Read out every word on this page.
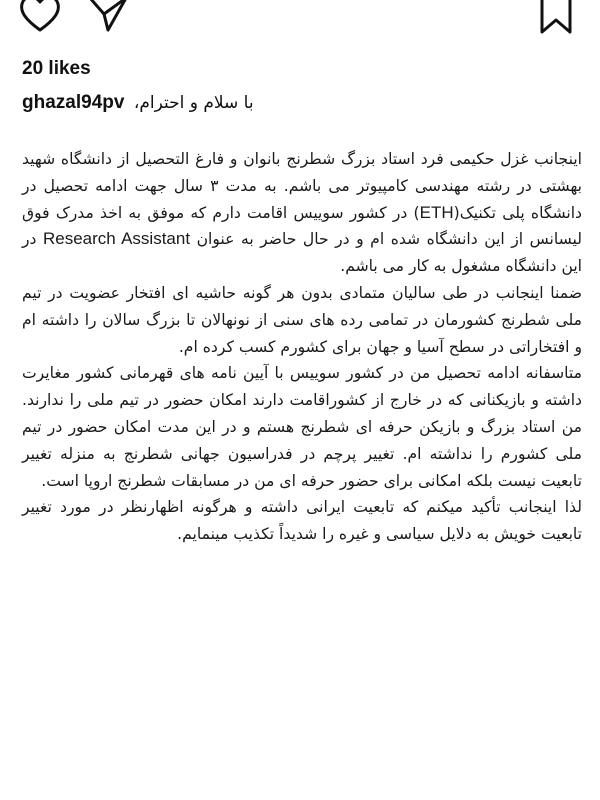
20 likes
ghazal94pv ،با سلام و احترام

اینجانب غزل حکیمی فرد استاد بزرگ شطرنج بانوان و فارغ التحصیل از دانشگاه شهید بهشتی در رشته مهندسی کامپیوتر می باشم. به مدت ۳ سال جهت ادامه تحصیل در دانشگاه پلی تکنیک(ETH) در کشور سوییس اقامت دارم که موفق به اخذ مدرک فوق لیسانس از این دانشگاه شده ام و در حال حاضر به عنوان Research Assistant در این دانشگاه مشغول به کار می باشم.

ضمنا اینجانب در طی سالیان متمادی بدون هر گونه حاشیه ای افتخار عضویت در تیم ملی شطرنج کشورمان در تمامی رده های سنی از نونهالان تا بزرگ سالان را داشته ام و افتخاراتی در سطح آسیا و جهان برای کشورم کسب کرده ام.

متاسفانه ادامه تحصیل من در کشور سوییس با آیین نامه های قهرمانی کشور مغایرت داشته و بازیکنانی که در خارج از کشوراقامت دارند امکان حضور در تیم ملی را ندارند. من استاد بزرگ و بازیکن حرفه ای شطرنج هستم و در این مدت امکان حضور در تیم ملی کشورم را نداشته ام. تغییر پرچم در فدراسیون جهانی شطرنج به منزله تغییر تابعیت نیست بلکه امکانی برای حضور حرفه ای من در مسابقات شطرنج اروپا است.

لذا اینجانب تأکید میکنم که تابعیت ایرانی داشته و هرگونه اظهارنظر در مورد تغییر تابعیت خویش به دلایل سیاسی و غیره را شدیداً تکذیب مینمایم.
